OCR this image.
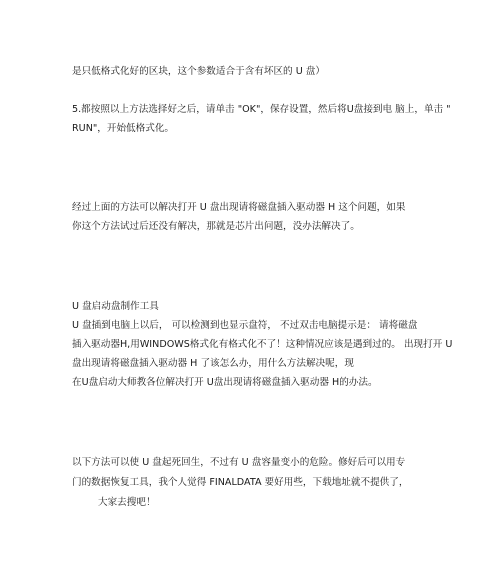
是只低格式化好的区块，这个参数适合于含有坏区的 U 盘）
5.都按照以上方法选择好之后，请单击 "OK"，保存设置，然后将U盘接到电 脑上，单击 "
RUN"，开始低格式化。
经过上面的方法可以解决打开 U 盘出现请将磁盘插入驱动器 H 这个问题，如果
你这个方法试过后还没有解决，那就是芯片出问题，没办法解决了。
U 盘启动盘制作工具
U 盘插到电脑上以后， 可以检测到也显示盘符， 不过双击电脑提示是： 请将磁盘
插入驱动器H,用WINDOWS格式化有格式化不了！这种情况应该是遇到过的。 出现打开 U
盘出现请将磁盘插入驱动器 H 了该怎么办，用什么方法解决呢，现
在U盘启动大师教各位解决打开 U盘出现请将磁盘插入驱动器 H的办法。
以下方法可以使 U 盘起死回生，不过有 U 盘容量变小的危险。修好后可以用专
门的数据恢复工具，我个人觉得 FINALDATA 要好用些，下载地址就不提供了，
大家去搜吧！
